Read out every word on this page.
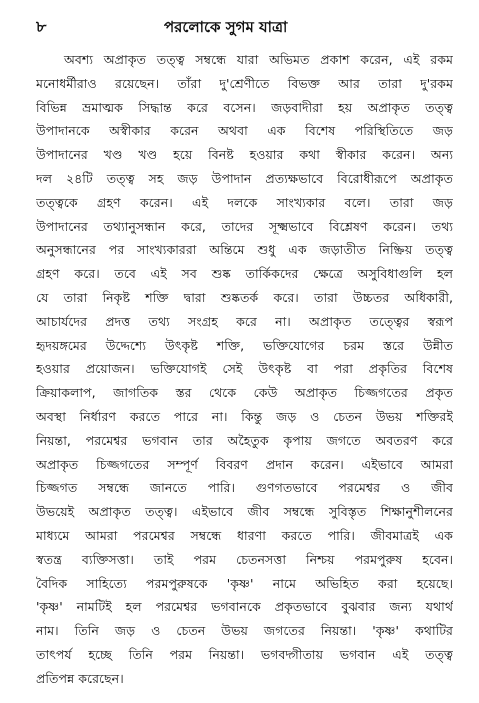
৮	পরলোকে সুগম যাত্রা
অবশ্য অপ্রাকৃত তত্ত্ব সম্বন্ধে যারা অভিমত প্রকাশ করেন, এই রকম
মনোধর্মীরাও রয়েছেন। তাঁরা দু'শ্রেণীতে বিভক্ত আর তারা দু'রকম
বিভিন্ন ভ্রমাত্মক সিদ্ধান্ত করে বসেন। জড়বাদীরা হয় অপ্রাকৃত তত্ত্ব
উপাদানকে অস্বীকার করেন অথবা এক বিশেষ পরিস্থিতিতে জড়
উপাদানের খণ্ড খণ্ড হয়ে বিনষ্ট হওয়ার কথা স্বীকার করেন। অন্য
দল ২৪টি তত্ত্ব সহ জড় উপাদান প্রত্যক্ষভাবে বিরোধীরূপে অপ্রাকৃত
তত্ত্বকে গ্রহণ করেন। এই দলকে সাংখ্যকার বলে। তারা জড়
উপাদানের তথ্যানুসন্ধান করে, তাদের সূক্ষ্মভাবে বিশ্লেষণ করেন। তথ্য
অনুসন্ধানের পর সাংখ্যকাররা অন্তিমে শুধু এক জড়াতীত নিষ্ক্রিয় তত্ত্ব
গ্রহণ করে। তবে এই সব শুষ্ক তার্কিকদের ক্ষেত্রে অসুবিধাগুলি হল
যে তারা নিকৃষ্ট শক্তি দ্বারা শুষ্কতর্ক করে। তারা উচ্চতর অধিকারী,
আচার্যদের প্রদত্ত তথ্য সংগ্রহ করে না। অপ্রাকৃত তত্ত্বের স্বরূপ
হৃদয়ঙ্গমের উদ্দেশ্যে উৎকৃষ্ট শক্তি, ভক্তিযোগের চরম স্তরে উন্নীত
হওয়ার প্রয়োজন। ভক্তিযোগই সেই উৎকৃষ্ট বা পরা প্রকৃতির বিশেষ
ক্রিয়াকলাপ, জাগতিক স্তর থেকে কেউ অপ্রাকৃত চিজ্জগতের প্রকৃত
অবস্থা নির্ধারণ করতে পারে না। কিন্তু জড় ও চেতন উভয় শক্তিরই
নিয়ন্তা, পরমেশ্বর ভগবান তার অহৈতুক কৃপায় জগতে অবতরণ করে
অপ্রাকৃত চিজ্জগতের সম্পূর্ণ বিবরণ প্রদান করেন। এইভাবে আমরা
চিজ্জগত সম্বন্ধে জানতে পারি। গুণগতভাবে পরমেশ্বর ও জীব
উভয়েই অপ্রাকৃত তত্ত্ব। এইভাবে জীব সম্বন্ধে সুবিস্তৃত শিক্ষানুশীলনের
মাধ্যমে আমরা পরমেশ্বর সম্বন্ধে ধারণা করতে পারি। জীবমাত্রই এক
স্বতন্ত্র ব্যক্তিসত্তা। তাই পরম চেতনসত্তা নিশ্চয় পরমপুরুষ হবেন।
বৈদিক সাহিত্যে পরমপুরুষকে 'কৃষ্ণ' নামে অভিহিত করা হয়েছে।
'কৃষ্ণ' নামটিই হল পরমেশ্বর ভগবানকে প্রকৃতভাবে বুঝবার জন্য যথার্থ
নাম। তিনি জড় ও চেতন উভয় জগতের নিয়ন্তা। 'কৃষ্ণ' কথাটির
তাৎপর্য হচ্ছে তিনি পরম নিয়ন্তা। ভগবদ্গীতায় ভগবান এই তত্ত্ব
প্রতিপন্ন করেছেন।
